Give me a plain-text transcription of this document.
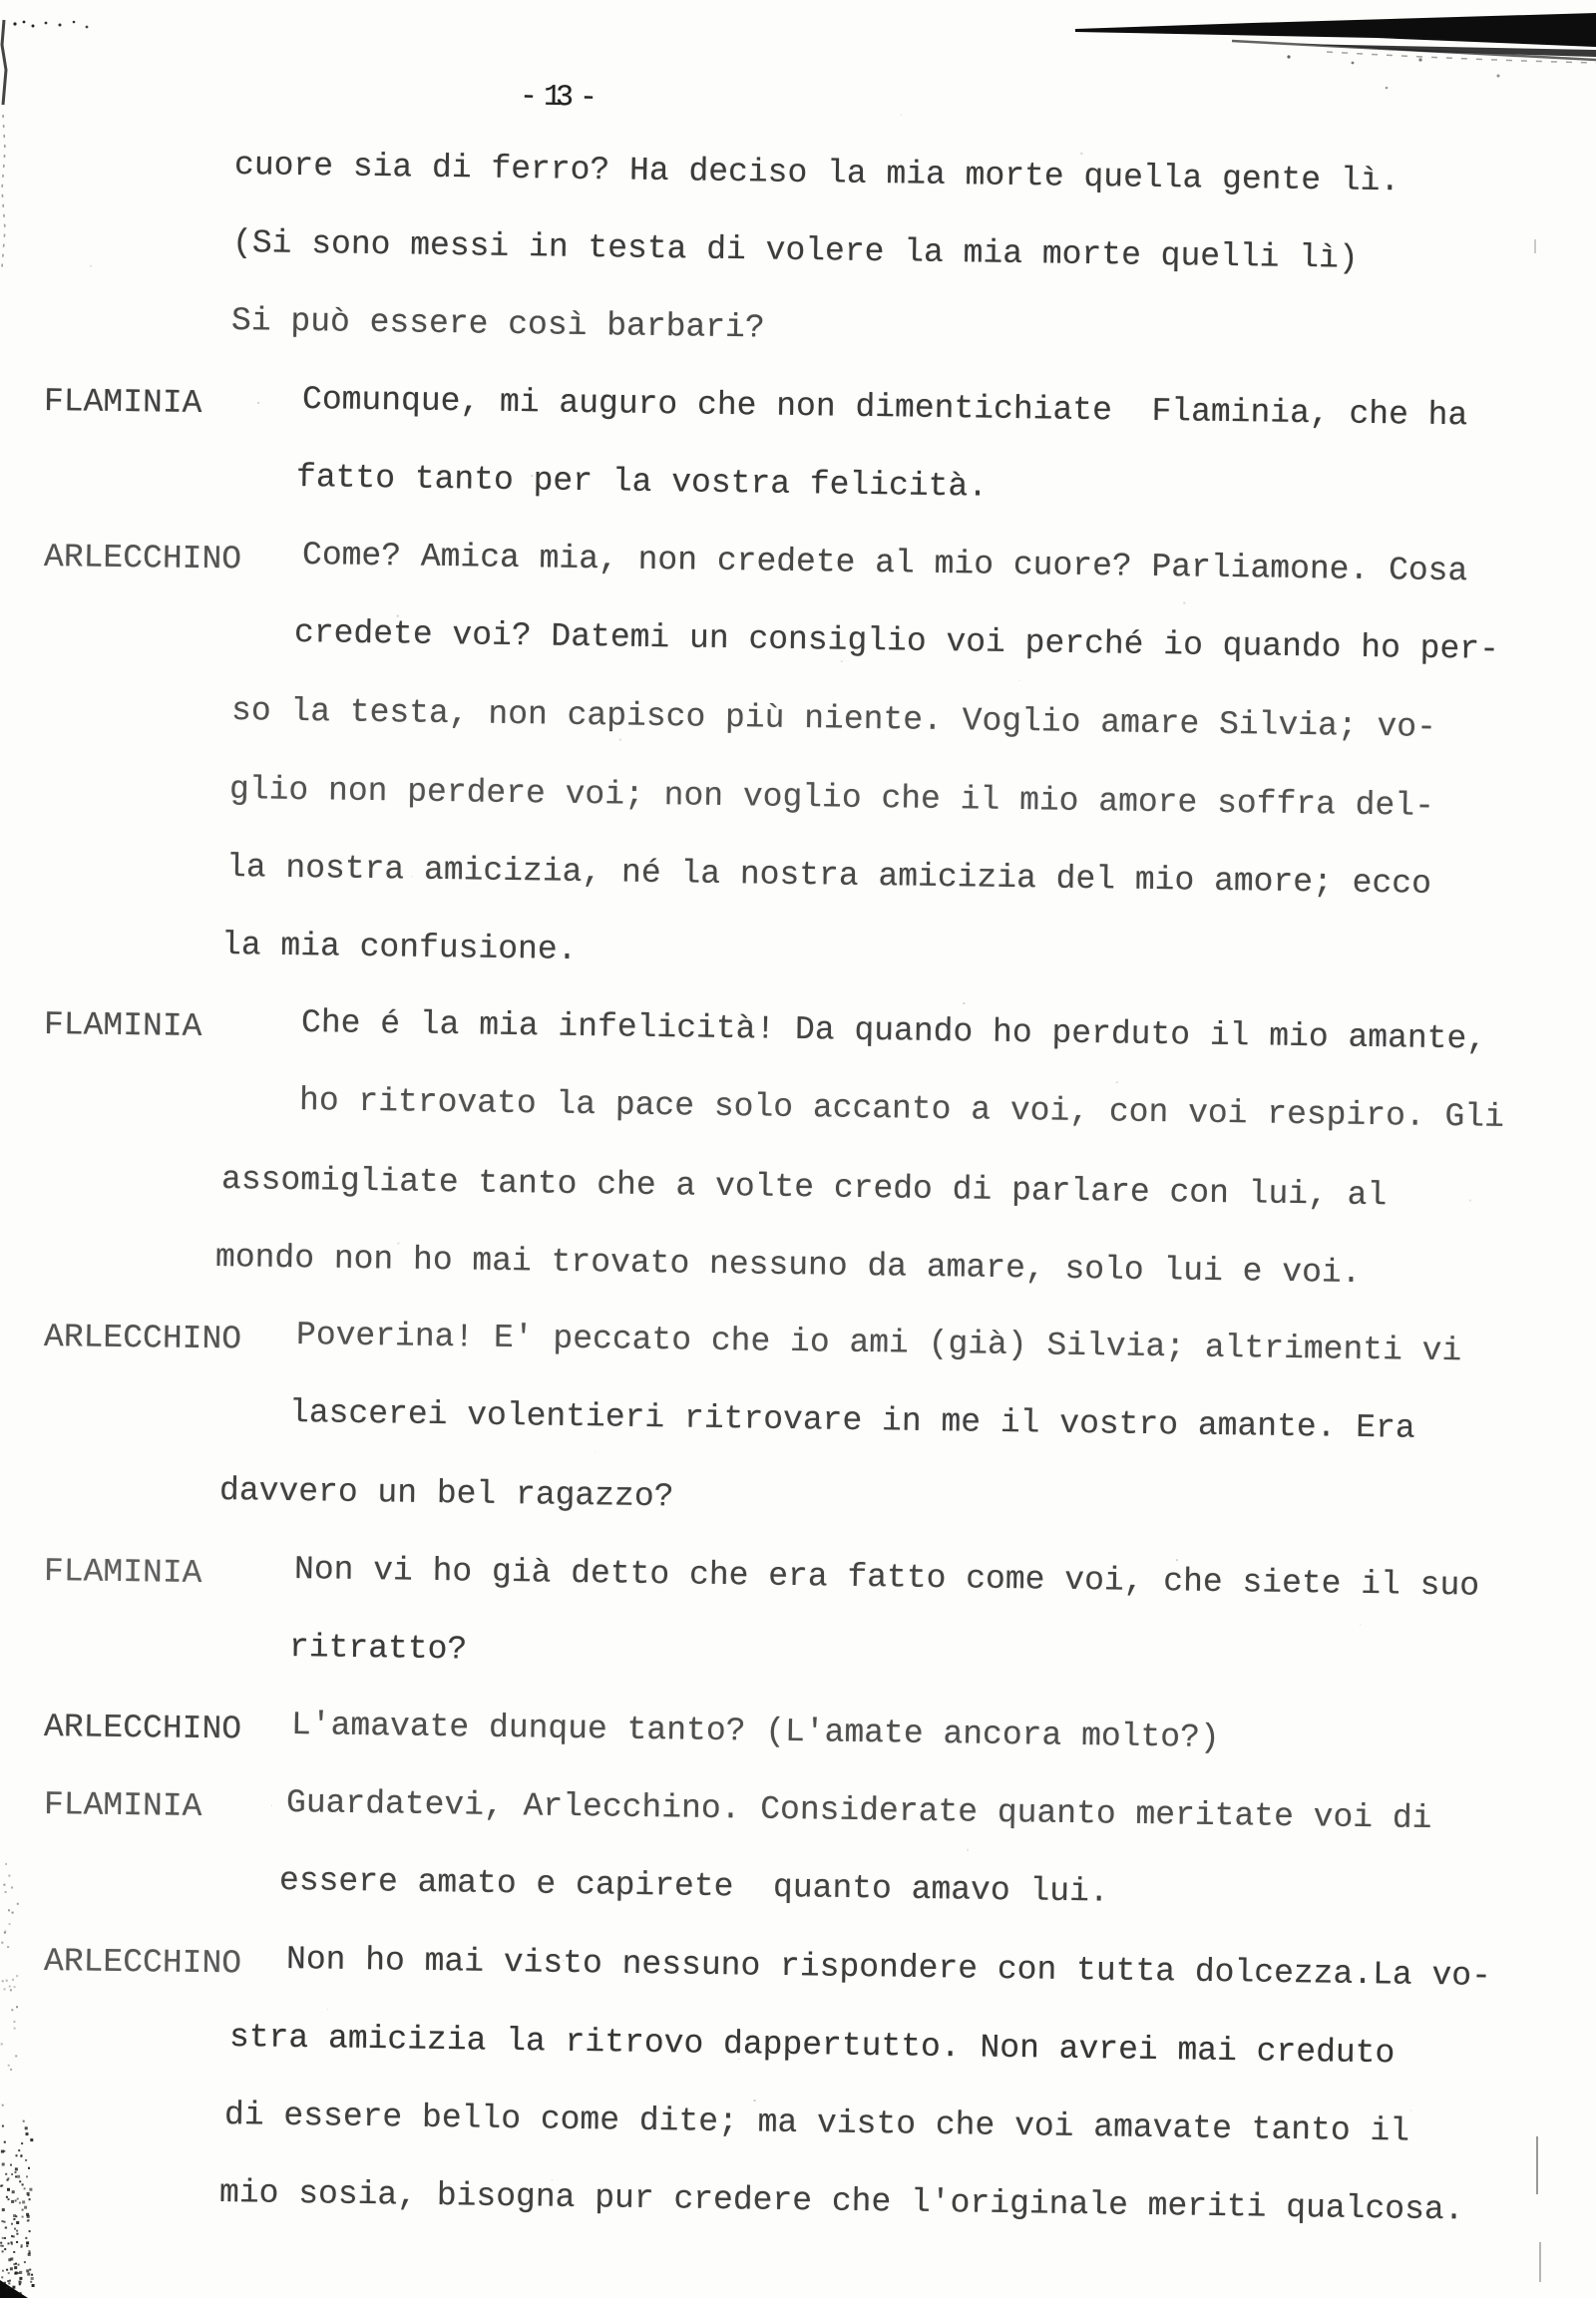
- 13 -
cuore sia di ferro? Ha deciso la mia morte quella gente lì.
(Si sono messi in testa di volere la mia morte quelli lì)
Si può essere così barbari?
FLAMINIA	Comunque, mi auguro che non dimentichiate  Flaminia, che ha
fatto tanto per la vostra felicità.
ARLECCHINO Come? Amica mia, non credete al mio cuore? Parliamone. Cosa
credete voi? Datemi un consiglio voi perché io quando ho per-
so la testa, non capisco più niente. Voglio amare Silvia; vo-
glio non perdere voi; non voglio che il mio amore soffra del-
la nostra amicizia, né la nostra amicizia del mio amore; ecco
la mia confusione.
FLAMINIA	Che é la mia infelicità! Da quando ho perduto il mio amante,
ho ritrovato la pace solo accanto a voi, con voi respiro. Gli
assomigliate tanto che a volte credo di parlare con lui, al
mondo non ho mai trovato nessuno da amare, solo lui e voi.
ARLECCHINO Poverina! E' peccato che io ami (già) Silvia; altrimenti vi
lascerei volentieri ritrovare in me il vostro amante. Era
davvero un bel ragazzo?
FLAMINIA	Non vi ho già detto che era fatto come voi, che siete il suo
ritratto?
ARLECCHINO L'amavate dunque tanto? (L'amate ancora molto?)
FLAMINIA	Guardatevi, Arlecchino. Considerate quanto meritate voi di
essere amato e capirete  quanto amavo lui.
ARLECCHINO Non ho mai visto nessuno rispondere con tutta dolcezza.La vo-
stra amicizia la ritrovo dappertutto. Non avrei mai creduto
di essere bello come dite; ma visto che voi amavate tanto il
mio sosia, bisogna pur credere che l'originale meriti qualcosa.
